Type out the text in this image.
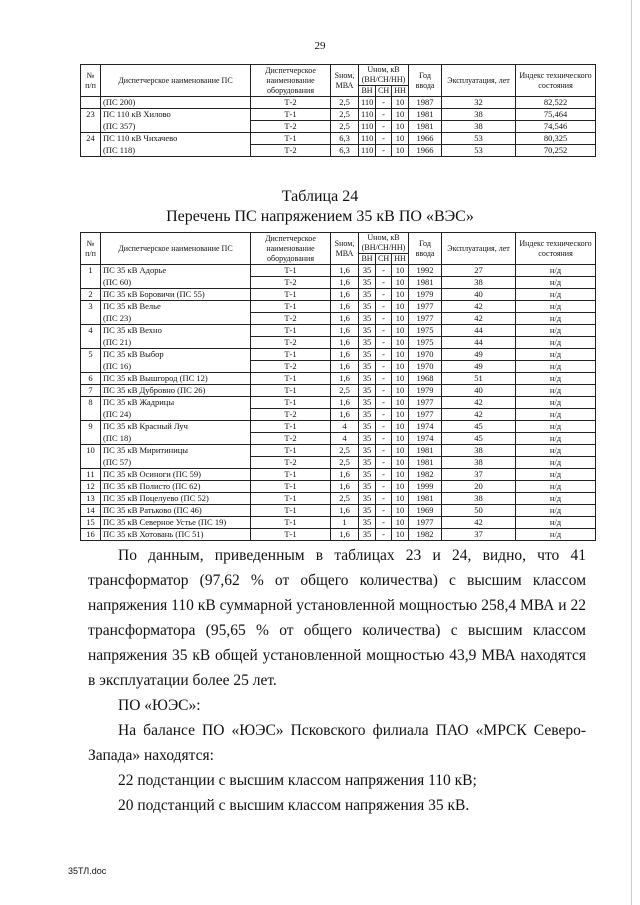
29
№ п/п	Диспетчерское наименование ПС	Диспетчерское наименование оборудования	Sном, МВА	Uном, кВ (ВН/СН/НН)			Год ввода	Эксплуатация, лет	Индекс технического состояния
				ВН	СН	НН			
	(ПС 200)	Т-2	2,5	110	-	10	1987	32	82,522
23	ПС 110 кВ Хилово	Т-1	2,5	110	-	10	1981	38	75,464
	(ПС 357)	Т-2	2,5	110	-	10	1981	38	74,546
24	ПС 110 кВ Чихачево	Т-1	6,3	110	-	10	1966	53	80,325
	(ПС 118)	Т-2	6,3	110	-	10	1966	53	70,252
Таблица 24
Перечень ПС напряжением 35 кВ ПО «ВЭС»
№ п/п	Диспетчерское наименование ПС	Диспетчерское наименование оборудования	Sном, МВА	Uном, кВ (ВН/СН/НН)			Год ввода	Эксплуатация, лет	Индекс технического состояния
				ВН	СН	НН			
1	ПС 35 кВ Адорье	Т-1	1,6	35	-	10	1992	27	н/д
	(ПС 60)	Т-2	1,6	35	-	10	1981	38	н/д
2	ПС 35 кВ Боровичи (ПС 55)	Т-1	1,6	35	-	10	1979	40	н/д
3	ПС 35 кВ Велье	Т-1	1,6	35	-	10	1977	42	н/д
	(ПС 23)	Т-2	1,6	35	-	10	1977	42	н/д
4	ПС 35 кВ Вехно	Т-1	1,6	35	-	10	1975	44	н/д
	(ПС 21)	Т-2	1,6	35	-	10	1975	44	н/д
5	ПС 35 кВ Выбор	Т-1	1,6	35	-	10	1970	49	н/д
	(ПС 16)	Т-2	1,6	35	-	10	1970	49	н/д
6	ПС 35 кВ Вышгород (ПС 12)	Т-1	1,6	35	-	10	1968	51	н/д
7	ПС 35 кВ Дубровно (ПС 26)	Т-1	2,5	35	-	10	1979	40	н/д
8	ПС 35 кВ Жадрицы	Т-1	1,6	35	-	10	1977	42	н/д
	(ПС 24)	Т-2	1,6	35	-	10	1977	42	н/д
9	ПС 35 кВ Красный Луч	Т-1	4	35	-	10	1974	45	н/д
	(ПС 18)	Т-2	4	35	-	10	1974	45	н/д
10	ПС 35 кВ Миритиницы	Т-1	2,5	35	-	10	1981	38	н/д
	(ПС 57)	Т-2	2,5	35	-	10	1981	38	н/д
11	ПС 35 кВ Осиноги (ПС 59)	Т-1	1,6	35	-	10	1982	37	н/д
12	ПС 35 кВ Полисто (ПС 62)	Т-1	1,6	35	-	10	1999	20	н/д
13	ПС 35 кВ Поцелуево (ПС 52)	Т-1	2,5	35	-	10	1981	38	н/д
14	ПС 35 кВ Ратьково (ПС 46)	Т-1	1,6	35	-	10	1969	50	н/д
15	ПС 35 кВ Северное Устье (ПС 19)	Т-1	1	35	-	10	1977	42	н/д
16	ПС 35 кВ Хотовань (ПС 51)	Т-1	1,6	35	-	10	1982	37	н/д

По данным, приведенным в таблицах 23 и 24, видно, что 41 трансформатор (97,62 % от общего количества) с высшим классом напряжения 110 кВ суммарной установленной мощностью 258,4 МВА и 22 трансформатора (95,65 % от общего количества) с высшим классом напряжения 35 кВ общей установленной мощностью 43,9 МВА находятся в эксплуатации более 25 лет.

ПО «ЮЭС»:

На балансе ПО «ЮЭС» Псковского филиала ПАО «МРСК Северо-Запада» находятся:

22 подстанции с высшим классом напряжения 110 кВ;

20 подстанций с высшим классом напряжения 35 кВ.

35ТЛ.doc
